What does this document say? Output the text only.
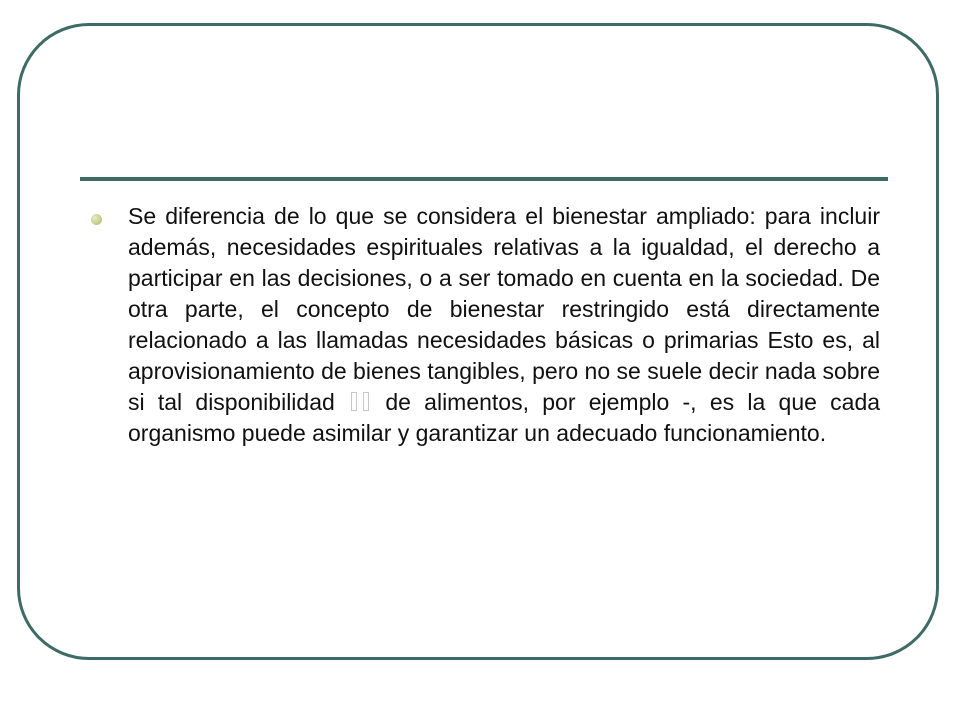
Se diferencia de lo que se considera el bienestar ampliado: para incluir además, necesidades espirituales relativas a la igualdad, el derecho a participar en las decisiones, o a ser tomado en cuenta en la sociedad. De otra parte, el concepto de bienestar restringido está directamente relacionado a las llamadas necesidades básicas o primarias Esto es, al aprovisionamiento de bienes tangibles, pero no se suele decir nada sobre si tal disponibilidad de alimentos, por ejemplo -, es la que cada organismo puede asimilar y garantizar un adecuado funcionamiento.
